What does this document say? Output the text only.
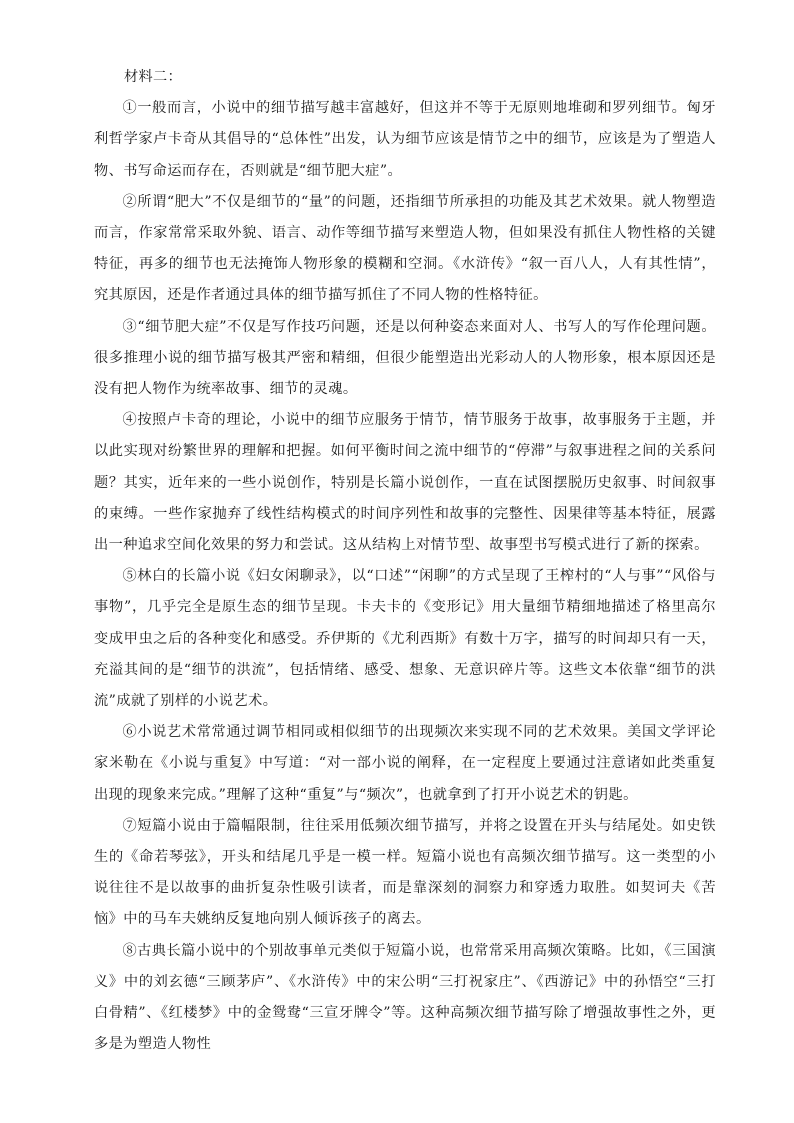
材料二：

①一般而言，小说中的细节描写越丰富越好，但这并不等于无原则地堆砌和罗列细节。匈牙利哲学家卢卡奇从其倡导的“总体性”出发，认为细节应该是情节之中的细节，应该是为了塑造人物、书写命运而存在，否则就是“细节肥大症”。

②所谓“肥大”不仅是细节的“量”的问题，还指细节所承担的功能及其艺术效果。就人物塑造而言，作家常常采取外貌、语言、动作等细节描写来塑造人物，但如果没有抓住人物性格的关键特征，再多的细节也无法掩饰人物形象的模糊和空洞。《水浒传》“叙一百八人，人有其性情”，究其原因，还是作者通过具体的细节描写抓住了不同人物的性格特征。

③“细节肥大症”不仅是写作技巧问题，还是以何种姿态来面对人、书写人的写作伦理问题。很多推理小说的细节描写极其严密和精细，但很少能塑造出光彩动人的人物形象，根本原因还是没有把人物作为统率故事、细节的灵魂。

④按照卢卡奇的理论，小说中的细节应服务于情节，情节服务于故事，故事服务于主题，并以此实现对纷繁世界的理解和把握。如何平衡时间之流中细节的“停滞”与叙事进程之间的关系问题？其实，近年来的一些小说创作，特别是长篇小说创作，一直在试图摆脱历史叙事、时间叙事的束缚。一些作家抛弃了线性结构模式的时间序列性和故事的完整性、因果律等基本特征，展露出一种追求空间化效果的努力和尝试。这从结构上对情节型、故事型书写模式进行了新的探索。

⑤林白的长篇小说《妇女闲聊录》，以“口述”“闲聊”的方式呈现了王榨村的“人与事”“风俗与事物”，几乎完全是原生态的细节呈现。卡夫卡的《变形记》用大量细节精细地描述了格里高尔变成甲虫之后的各种变化和感受。乔伊斯的《尤利西斯》有数十万字，描写的时间却只有一天，充溢其间的是“细节的洪流”，包括情绪、感受、想象、无意识碎片等。这些文本依靠“细节的洪流”成就了别样的小说艺术。

⑥小说艺术常常通过调节相同或相似细节的出现频次来实现不同的艺术效果。美国文学评论家米勒在《小说与重复》中写道：“对一部小说的阐释，在一定程度上要通过注意诸如此类重复出现的现象来完成。”理解了这种“重复”与“频次”，也就拿到了打开小说艺术的钥匙。

⑦短篇小说由于篇幅限制，往往采用低频次细节描写，并将之设置在开头与结尾处。如史铁生的《命若琴弦》，开头和结尾几乎是一模一样。短篇小说也有高频次细节描写。这一类型的小说往往不是以故事的曲折复杂性吸引读者，而是靠深刻的洞察力和穿透力取胜。如契诃夫《苦恼》中的马车夫姚纳反复地向别人倾诉孩子的离去。

⑧古典长篇小说中的个别故事单元类似于短篇小说，也常常采用高频次策略。比如，《三国演义》中的刘玄德“三顾茅庐”、《水浒传》中的宋公明“三打祝家庄”、《西游记》中的孙悟空“三打白骨精”、《红楼梦》中的金鸳鸯“三宣牙牌令”等。这种高频次细节描写除了增强故事性之外，更多是为塑造人物性
